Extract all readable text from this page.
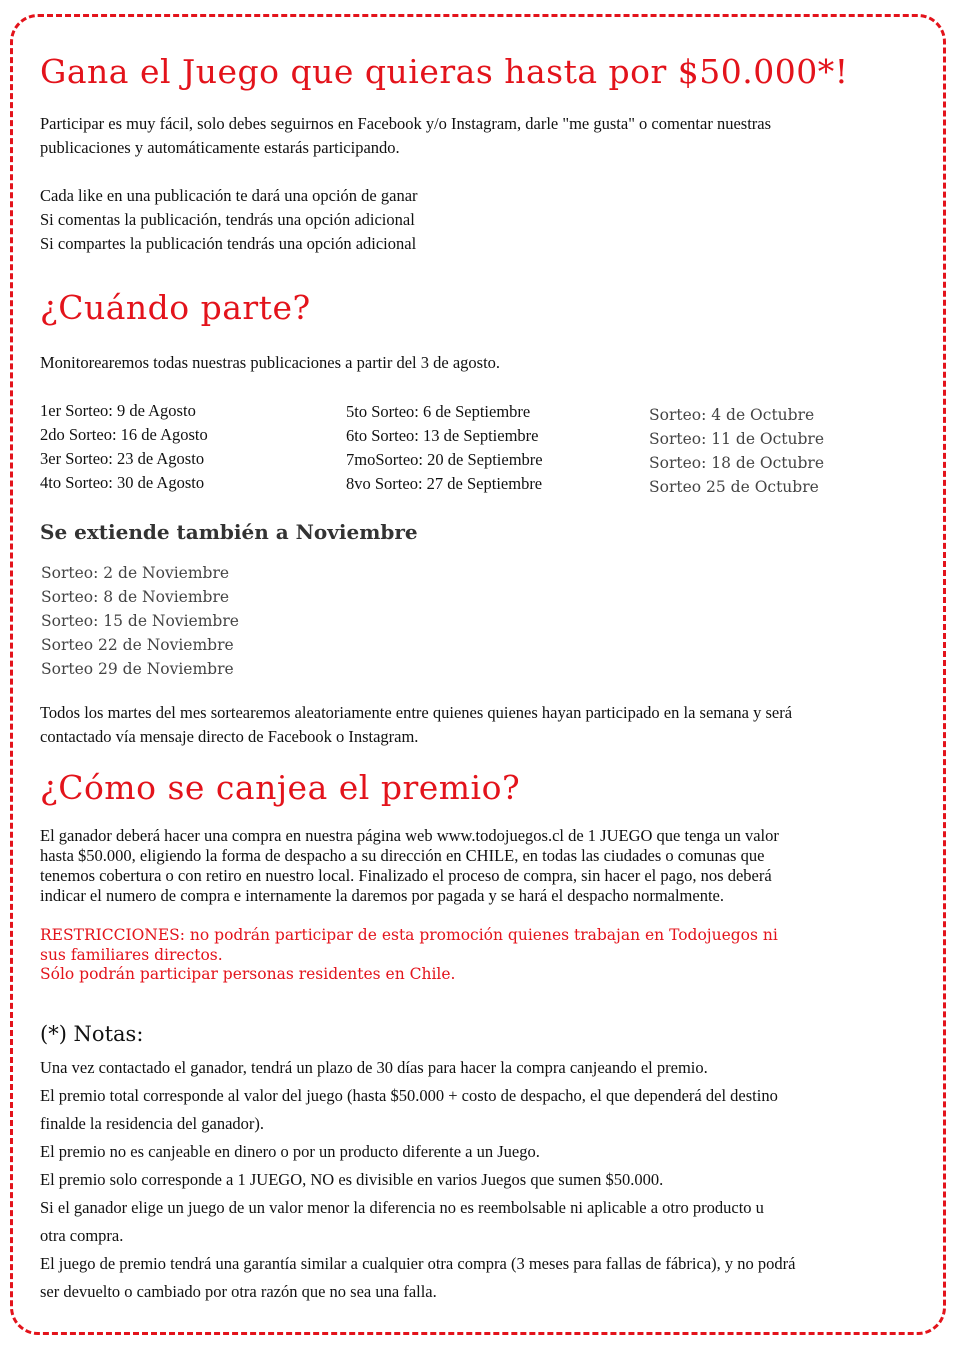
Gana el Juego que quieras hasta por $50.000*!

Participar es muy fácil, solo debes seguirnos en Facebook y/o Instagram, darle "me gusta" o comentar nuestras
publicaciones y automáticamente estarás participando.

Cada like en una publicación te dará una opción de ganar
Si comentas la publicación, tendrás una opción adicional
Si compartes la publicación tendrás una opción adicional

¿Cuándo parte?

Monitorearemos todas nuestras publicaciones a partir del 3 de agosto.

1er Sorteo: 9 de Agosto
2do Sorteo: 16 de Agosto
3er Sorteo: 23 de Agosto
4to Sorteo: 30 de Agosto
5to Sorteo: 6 de Septiembre
6to Sorteo: 13 de Septiembre
7moSorteo: 20 de Septiembre
8vo Sorteo: 27 de Septiembre
Sorteo: 4 de Octubre
Sorteo: 11 de Octubre
Sorteo: 18 de Octubre
Sorteo 25 de Octubre
Se extiende también a Noviembre
Sorteo: 2 de Noviembre
Sorteo: 8 de Noviembre
Sorteo: 15 de Noviembre
Sorteo 22 de Noviembre
Sorteo 29 de Noviembre

Todos los martes del mes sortearemos aleatoriamente entre quienes quienes hayan participado en la semana y será
contactado vía mensaje directo de Facebook o Instagram.

¿Cómo se canjea el premio?

El ganador deberá hacer una compra en nuestra página web www.todojuegos.cl de 1 JUEGO que tenga un valor
hasta $50.000, eligiendo la forma de despacho a su dirección en CHILE, en todas las ciudades o comunas que
tenemos cobertura o con retiro en nuestro local. Finalizado el proceso de compra, sin hacer el pago, nos deberá
indicar el numero de compra e internamente la daremos por pagada y se hará el despacho normalmente.

RESTRICCIONES: no podrán participar de esta promoción quienes trabajan en Todojuegos ni
sus familiares directos.
Sólo podrán participar personas residentes en Chile.

(*) Notas:

Una vez contactado el ganador, tendrá un plazo de 30 días para hacer la compra canjeando el premio.
El premio total corresponde al valor del juego (hasta $50.000 + costo de despacho, el que dependerá del destino
finalde la residencia del ganador).
El premio no es canjeable en dinero o por un producto diferente a un Juego.
El premio solo corresponde a 1 JUEGO, NO es divisible en varios Juegos que sumen $50.000.
Si el ganador elige un juego de un valor menor la diferencia no es reembolsable ni aplicable a otro producto u
otra compra.
El juego de premio tendrá una garantía similar a cualquier otra compra (3 meses para fallas de fábrica), y no podrá
ser devuelto o cambiado por otra razón que no sea una falla.
